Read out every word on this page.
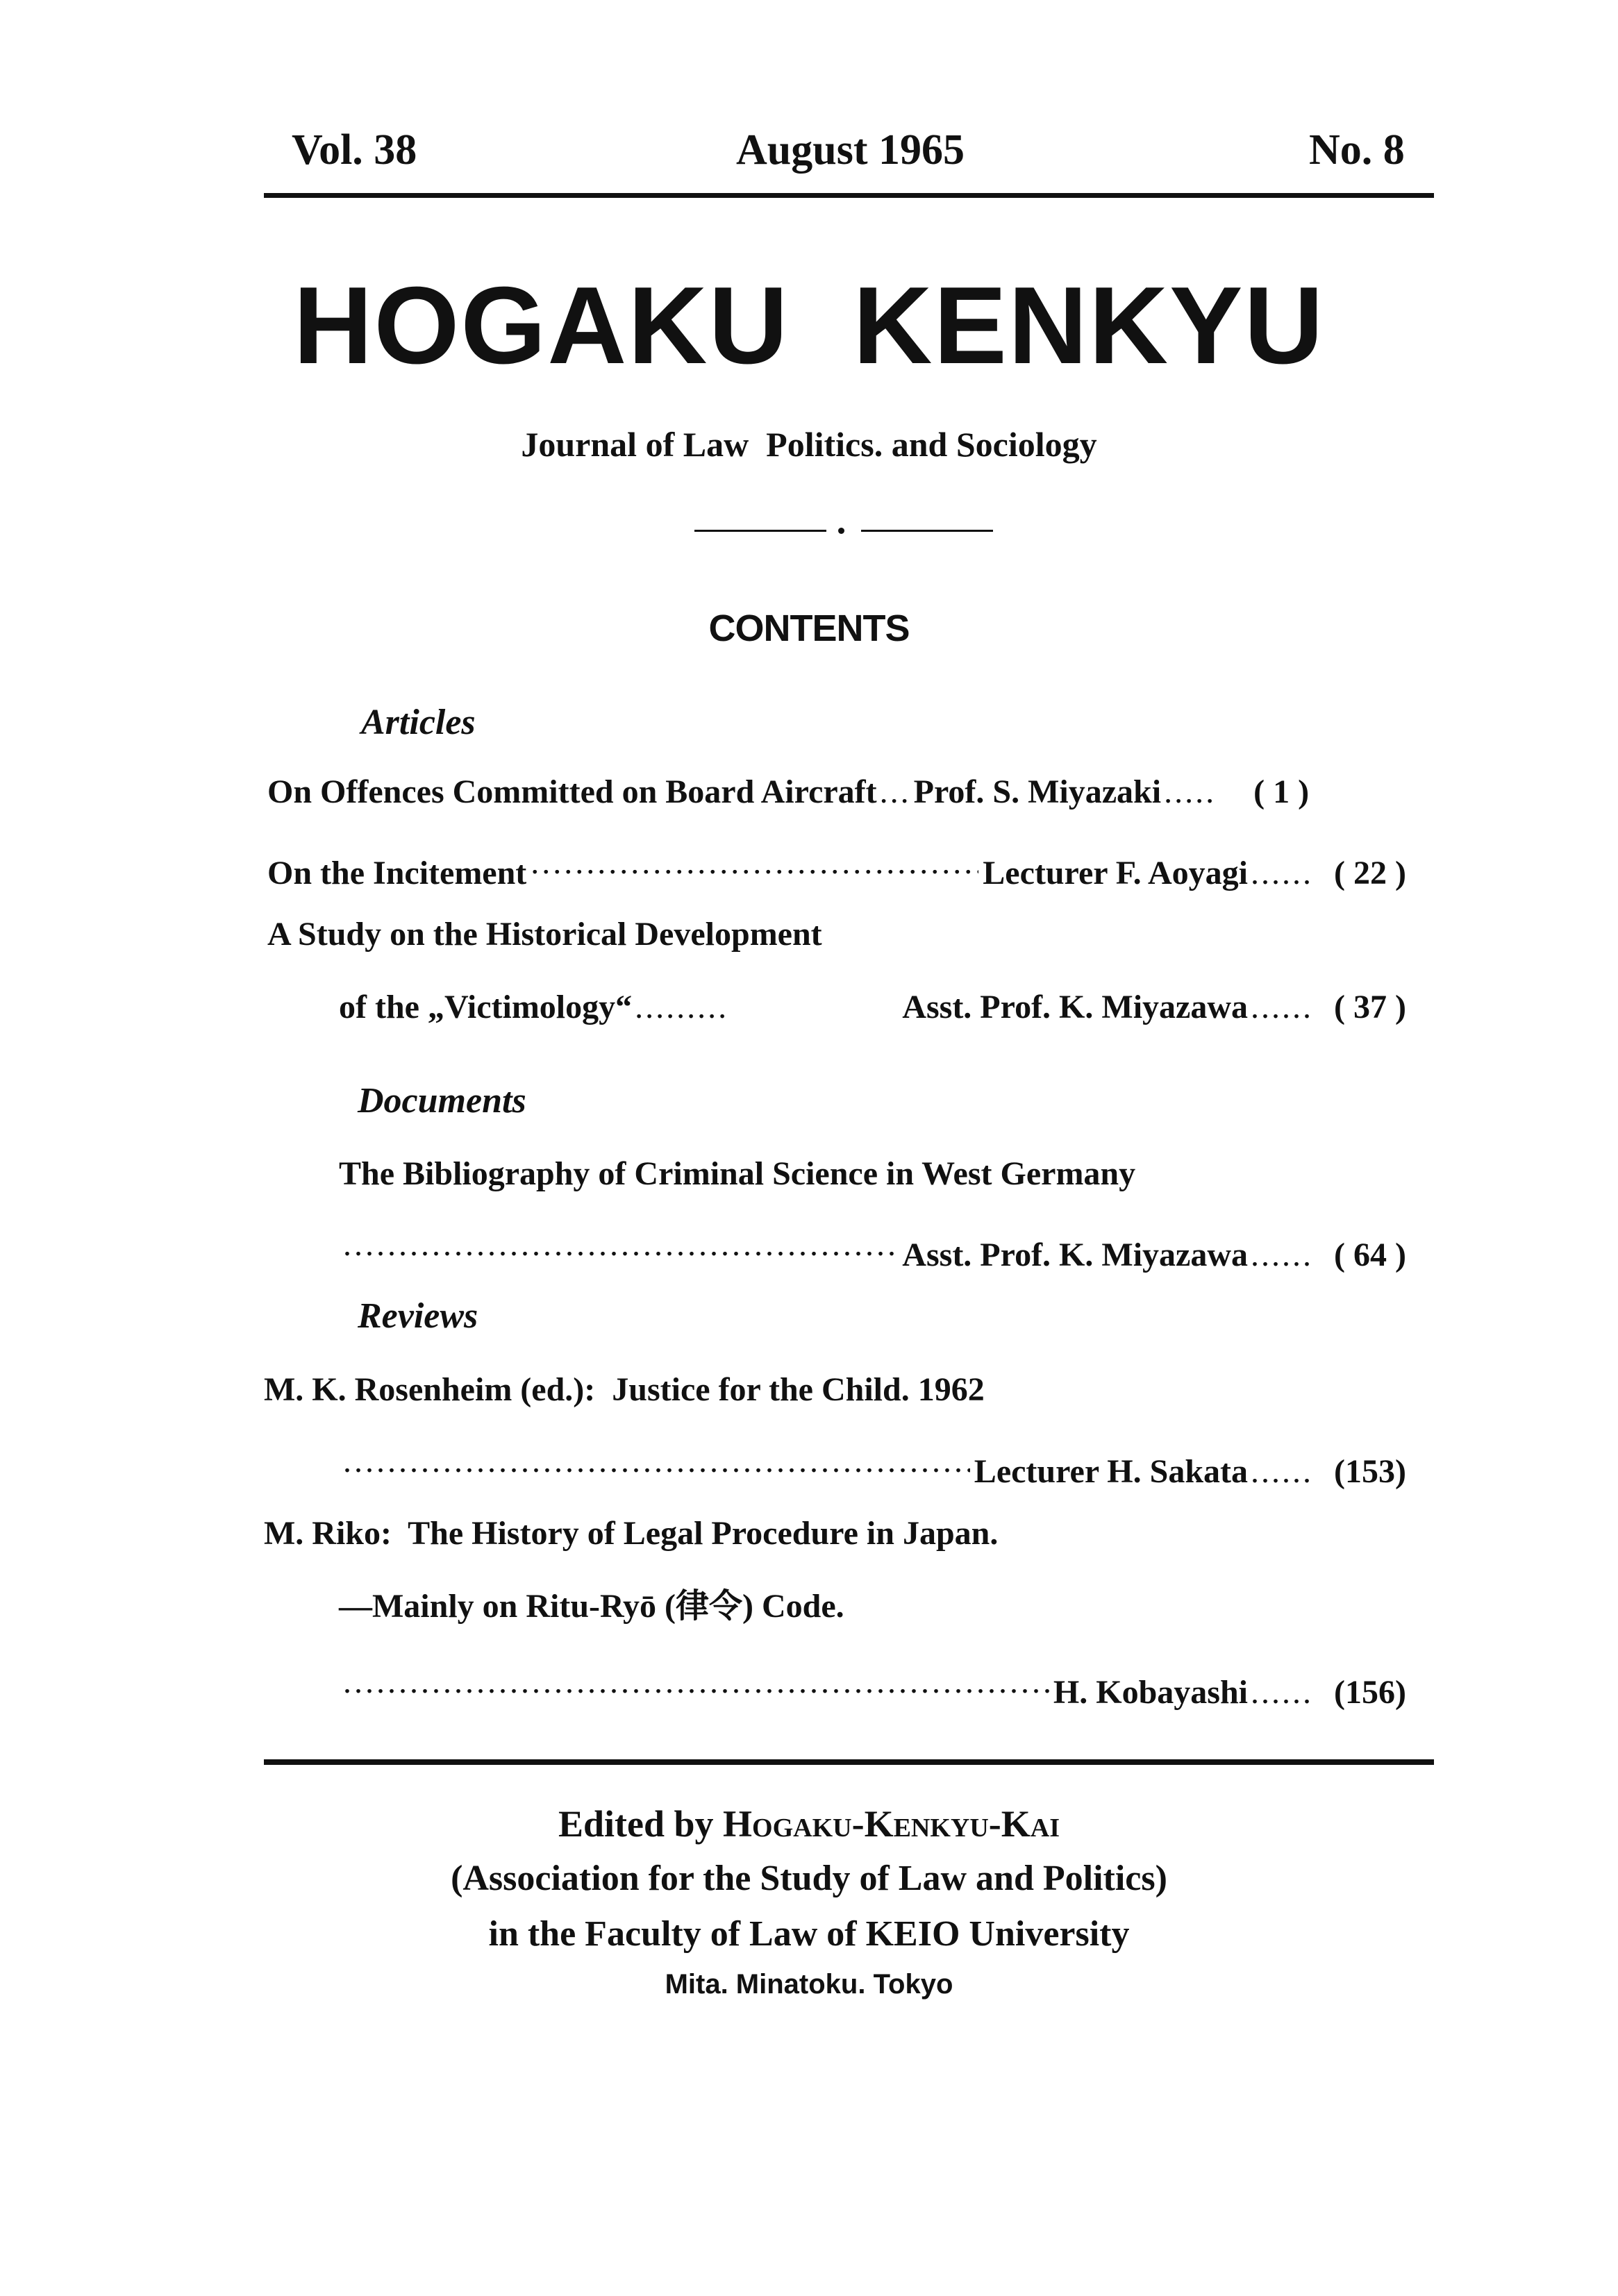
Vol. 38	August 1965	No. 8
HOGAKU  KENKYU
Journal of Law  Politics. and Sociology
CONTENTS
Articles
On Offences Committed on Board Aircraft ... Prof. S. Miyazaki .....	( 1 )
On the Incitement
.....	Lecturer F. Aoyagi ...... ( 22 )
A Study on the Historical Development
of the „Victimology“ .........	Asst. Prof. K. Miyazawa ...... ( 37 )
Documents
The Bibliography of Criminal Science in West Germany
.....
Asst. Prof. K. Miyazawa ...... ( 64 )
Reviews
M. K. Rosenheim (ed.):  Justice for the Child. 1962
.....
Lecturer H. Sakata ...... (153)
M. Riko:  The History of Legal Procedure in Japan.
—Mainly on Ritu-Ryō (律令) Code.
.....
H. Kobayashi ...... (156)
Edited by Hogaku-Kenkyu-Kai
(Association for the Study of Law and Politics)
in the Faculty of Law of KEIO University
Mita. Minatoku. Tokyo
